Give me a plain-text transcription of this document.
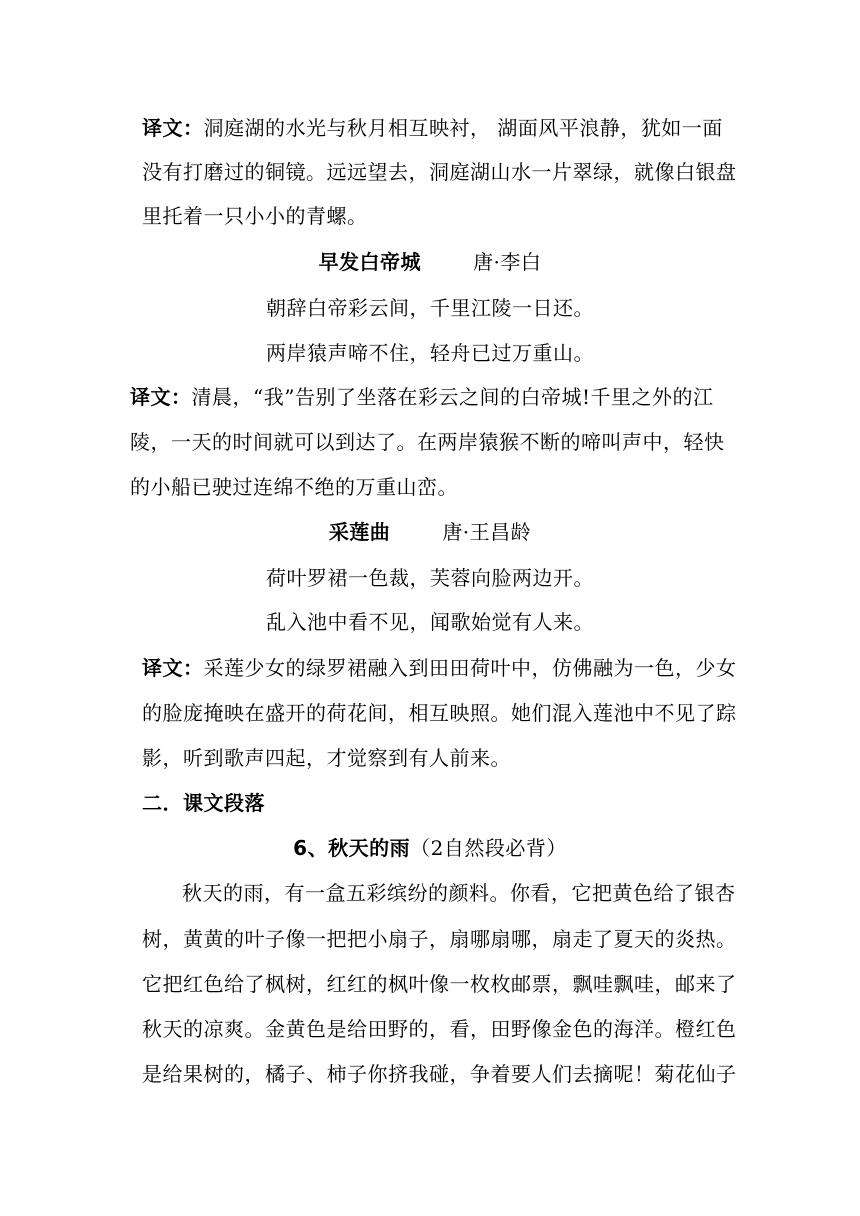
译文：洞庭湖的水光与秋月相互映衬， 湖面风平浪静，犹如一面
没有打磨过的铜镜。远远望去，洞庭湖山水一片翠绿，就像白银盘
里托着一只小小的青螺。
早发白帝城	唐·李白
朝辞白帝彩云间，千里江陵一日还。
两岸猿声啼不住，轻舟已过万重山。
译文：清晨，“我”告别了坐落在彩云之间的白帝城!千里之外的江
陵，一天的时间就可以到达了。在两岸猿猴不断的啼叫声中，轻快
的小船已驶过连绵不绝的万重山峦。
采莲曲	唐·王昌龄
荷叶罗裙一色裁，芙蓉向脸两边开。
乱入池中看不见，闻歌始觉有人来。
译文：采莲少女的绿罗裙融入到田田荷叶中，仿佛融为一色，少女
的脸庞掩映在盛开的荷花间，相互映照。她们混入莲池中不见了踪
影，听到歌声四起，才觉察到有人前来。
二．课文段落
6、秋天的雨（2自然段必背）
秋天的雨，有一盒五彩缤纷的颜料。你看，它把黄色给了银杏
树，黄黄的叶子像一把把小扇子，扇哪扇哪，扇走了夏天的炎热。
它把红色给了枫树，红红的枫叶像一枚枚邮票，飘哇飘哇，邮来了
秋天的凉爽。金黄色是给田野的，看，田野像金色的海洋。橙红色
是给果树的，橘子、柿子你挤我碰，争着要人们去摘呢！菊花仙子
